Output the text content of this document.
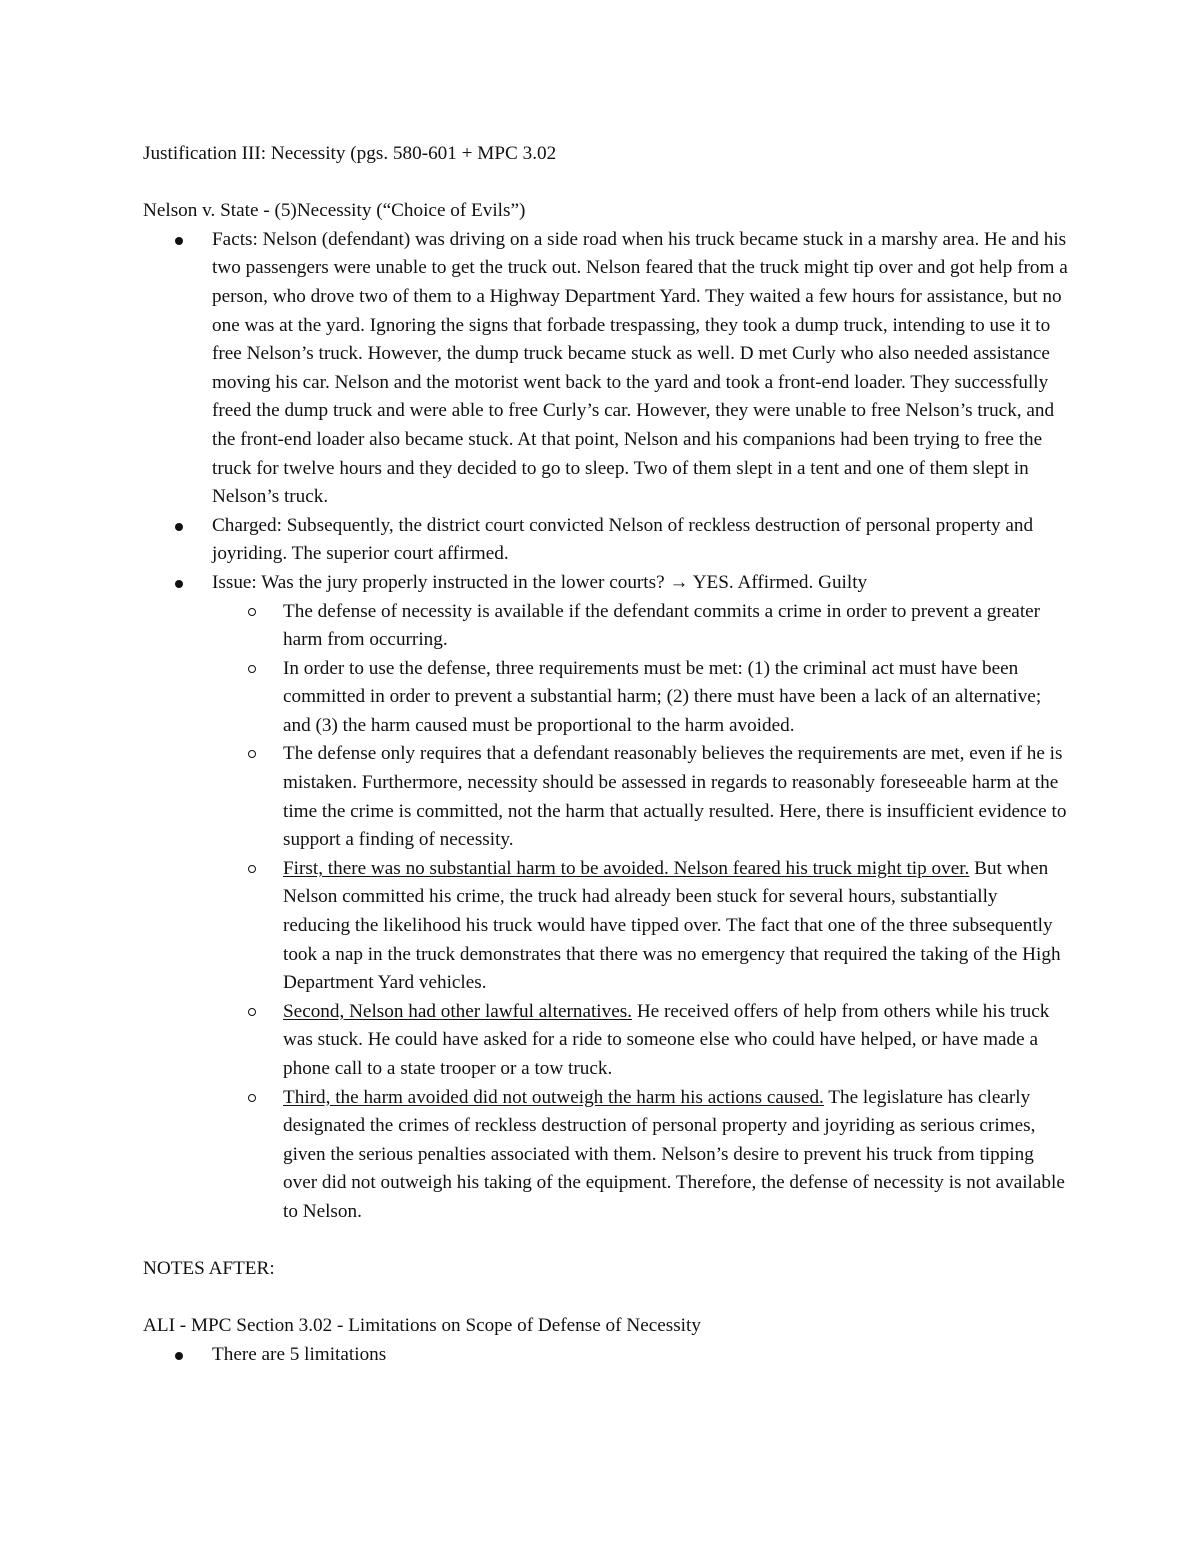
Justification III: Necessity (pgs. 580-601 + MPC 3.02

Nelson v. State - (5)Necessity (“Choice of Evils”)

Facts: Nelson (defendant) was driving on a side road when his truck became stuck in a marshy area. He and his two passengers were unable to get the truck out. Nelson feared that the truck might tip over and got help from a person, who drove two of them to a Highway Department Yard. They waited a few hours for assistance, but no one was at the yard. Ignoring the signs that forbade trespassing, they took a dump truck, intending to use it to free Nelson’s truck. However, the dump truck became stuck as well. D met Curly who also needed assistance moving his car. Nelson and the motorist went back to the yard and took a front-end loader. They successfully freed the dump truck and were able to free Curly’s car. However, they were unable to free Nelson’s truck, and the front-end loader also became stuck. At that point, Nelson and his companions had been trying to free the truck for twelve hours and they decided to go to sleep. Two of them slept in a tent and one of them slept in Nelson’s truck.
Charged: Subsequently, the district court convicted Nelson of reckless destruction of personal property and joyriding. The superior court affirmed.
Issue: Was the jury properly instructed in the lower courts? → YES. Affirmed. Guilty
The defense of necessity is available if the defendant commits a crime in order to prevent a greater harm from occurring.
In order to use the defense, three requirements must be met: (1) the criminal act must have been committed in order to prevent a substantial harm; (2) there must have been a lack of an alternative; and (3) the harm caused must be proportional to the harm avoided.
The defense only requires that a defendant reasonably believes the requirements are met, even if he is mistaken. Furthermore, necessity should be assessed in regards to reasonably foreseeable harm at the time the crime is committed, not the harm that actually resulted. Here, there is insufficient evidence to support a finding of necessity.
First, there was no substantial harm to be avoided. Nelson feared his truck might tip over. But when Nelson committed his crime, the truck had already been stuck for several hours, substantially reducing the likelihood his truck would have tipped over. The fact that one of the three subsequently took a nap in the truck demonstrates that there was no emergency that required the taking of the High Department Yard vehicles.
Second, Nelson had other lawful alternatives. He received offers of help from others while his truck was stuck. He could have asked for a ride to someone else who could have helped, or have made a phone call to a state trooper or a tow truck.
Third, the harm avoided did not outweigh the harm his actions caused. The legislature has clearly designated the crimes of reckless destruction of personal property and joyriding as serious crimes, given the serious penalties associated with them. Nelson’s desire to prevent his truck from tipping over did not outweigh his taking of the equipment. Therefore, the defense of necessity is not available to Nelson.

NOTES AFTER:

ALI - MPC Section 3.02 - Limitations on Scope of Defense of Necessity

There are 5 limitations
